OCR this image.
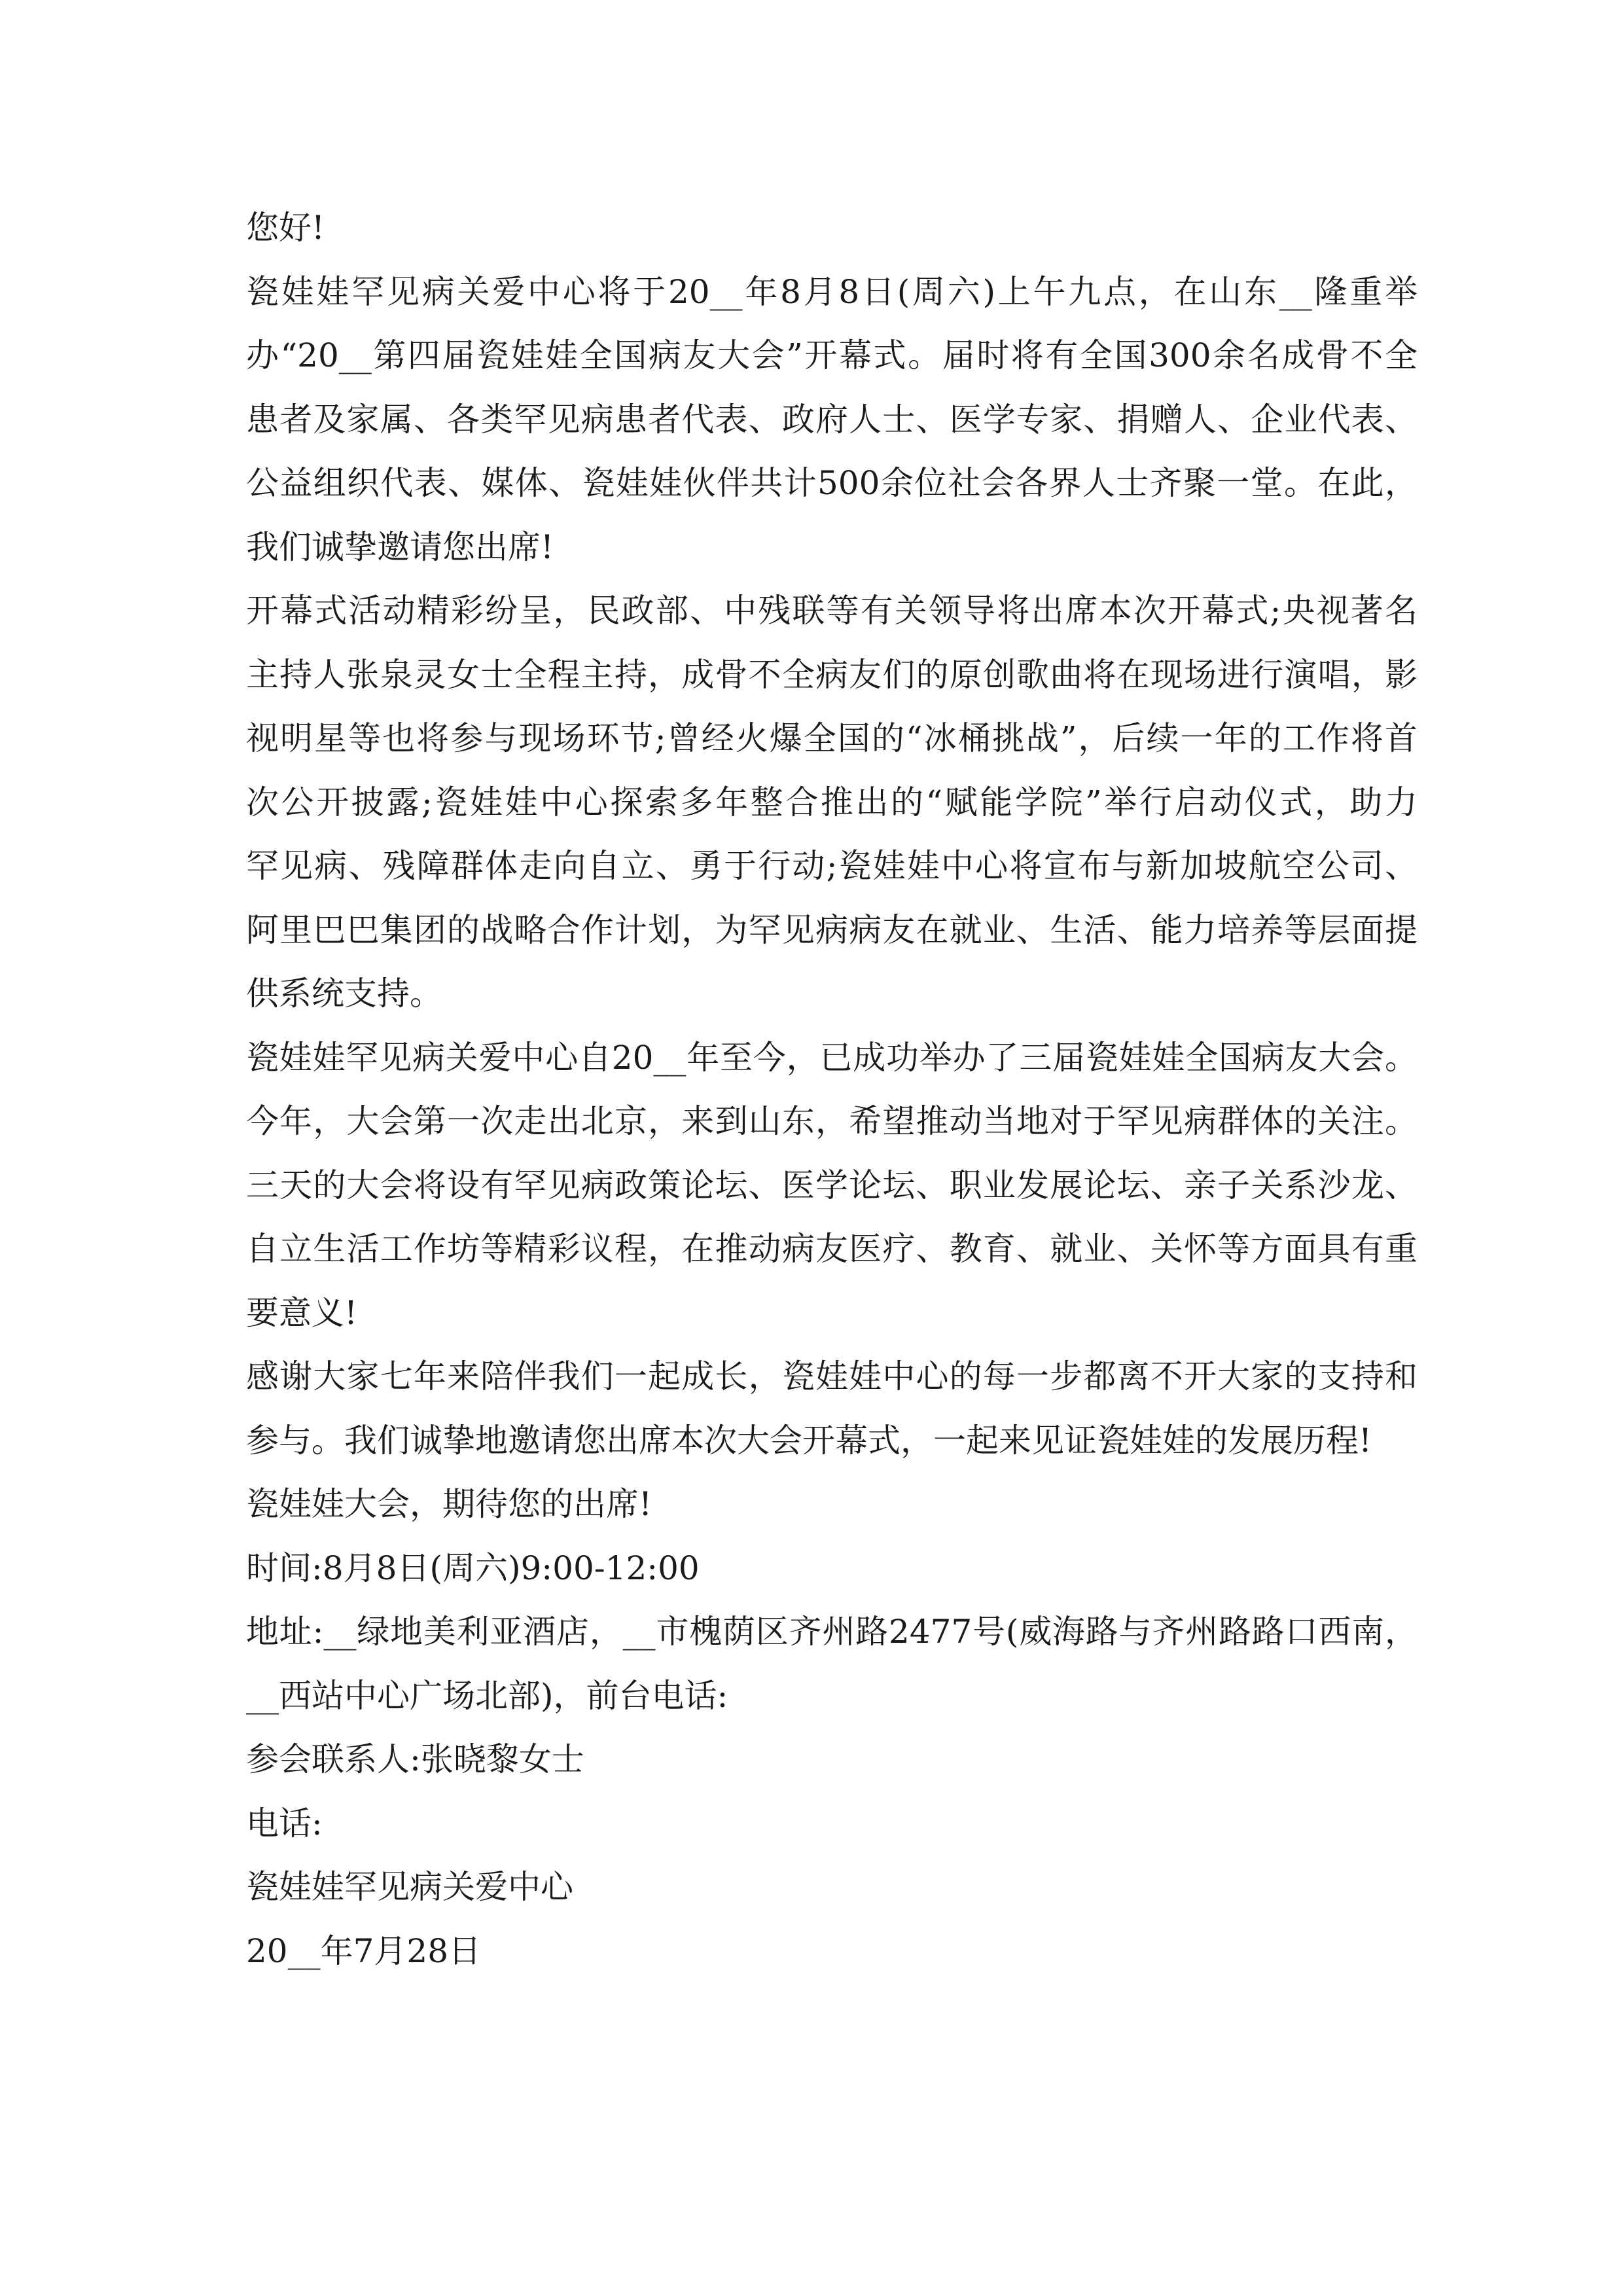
您好!
瓷娃娃罕见病关爱中心将于20__年8月8日(周六)上午九点，在山东__隆重举
办“20__第四届瓷娃娃全国病友大会”开幕式。届时将有全国300余名成骨不全
患者及家属、各类罕见病患者代表、政府人士、医学专家、捐赠人、企业代表、
公益组织代表、媒体、瓷娃娃伙伴共计500余位社会各界人士齐聚一堂。在此，
我们诚挚邀请您出席!
开幕式活动精彩纷呈，民政部、中残联等有关领导将出席本次开幕式;央视著名
主持人张泉灵女士全程主持，成骨不全病友们的原创歌曲将在现场进行演唱，影
视明星等也将参与现场环节;曾经火爆全国的“冰桶挑战”，后续一年的工作将首
次公开披露;瓷娃娃中心探索多年整合推出的“赋能学院”举行启动仪式，助力
罕见病、残障群体走向自立、勇于行动;瓷娃娃中心将宣布与新加坡航空公司、
阿里巴巴集团的战略合作计划，为罕见病病友在就业、生活、能力培养等层面提
供系统支持。
瓷娃娃罕见病关爱中心自20__年至今，已成功举办了三届瓷娃娃全国病友大会。
今年，大会第一次走出北京，来到山东，希望推动当地对于罕见病群体的关注。
三天的大会将设有罕见病政策论坛、医学论坛、职业发展论坛、亲子关系沙龙、
自立生活工作坊等精彩议程，在推动病友医疗、教育、就业、关怀等方面具有重
要意义!
感谢大家七年来陪伴我们一起成长，瓷娃娃中心的每一步都离不开大家的支持和
参与。我们诚挚地邀请您出席本次大会开幕式，一起来见证瓷娃娃的发展历程!
瓷娃娃大会，期待您的出席!
时间:8月8日(周六)9:00-12:00
地址:__绿地美利亚酒店，__市槐荫区齐州路2477号(威海路与齐州路路口西南，
__西站中心广场北部)，前台电话:
参会联系人:张晓黎女士
电话:
瓷娃娃罕见病关爱中心
20__年7月28日
